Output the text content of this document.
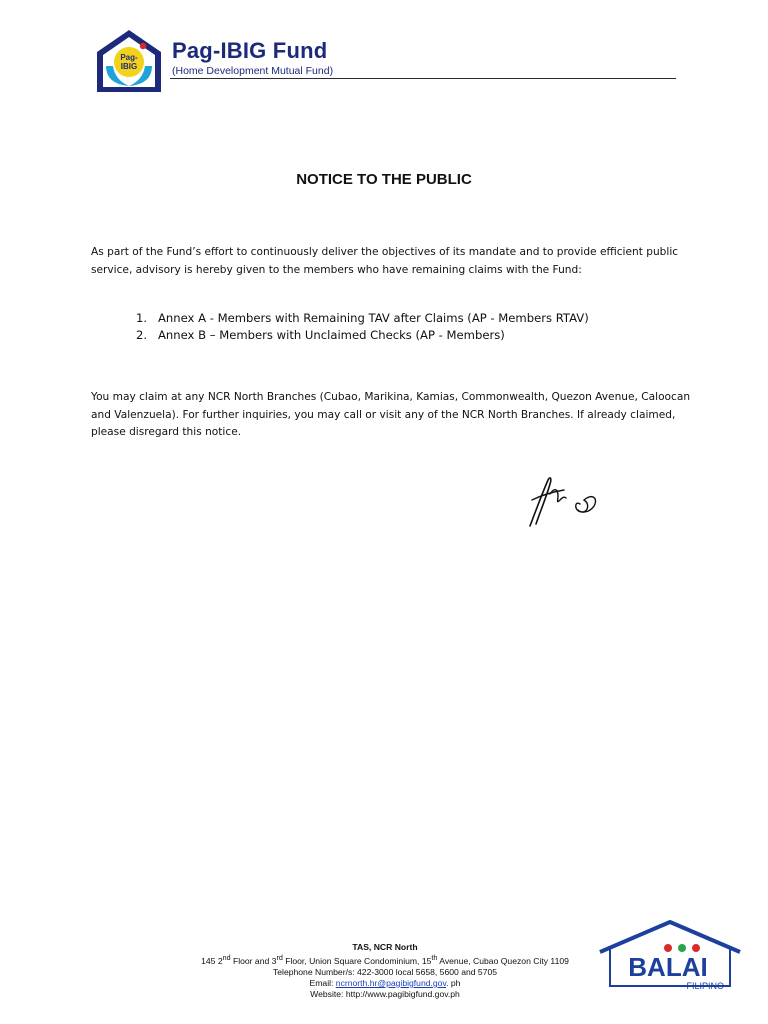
Pag-
IBIG
Pag-IBIG Fund
(Home Development Mutual Fund)
NOTICE TO THE PUBLIC
As part of the Fund’s effort to continuously deliver the objectives of its mandate and to provide efficient public service, advisory is hereby given to the members who have remaining claims with the Fund:
1. Annex A - Members with Remaining TAV after Claims (AP - Members RTAV)
2. Annex B – Members with Unclaimed Checks (AP - Members)
You may claim at any NCR North Branches (Cubao, Marikina, Kamias, Commonwealth, Quezon Avenue, Caloocan and Valenzuela). For further inquiries, you may call or visit any of the NCR North Branches. If already claimed, please disregard this notice.
TAS, NCR North
145 2nd Floor and 3rd Floor, Union Square Condominium, 15th Avenue, Cubao Quezon City 1109
Telephone Number/s: 422-3000 local 5658, 5600 and 5705
Email: ncrnorth.hr@pagibigfund.gov. ph
Website: http://www.pagibigfund.gov.ph
BALAI
FILIPINO
